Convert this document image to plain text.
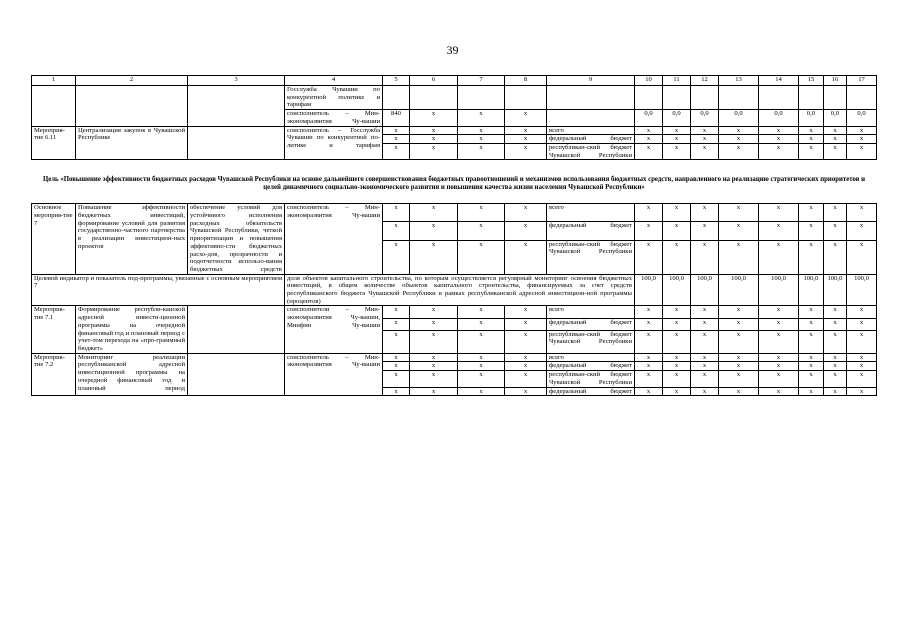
39
1	2	3	4	5	6	7	8	9	10	11	12	13	14	15	16	17
			Госслужба Чувашии по конкурентной политике и тарифам													
			соисполнитель – Мин-экономразвития Чу-вашии	840	x	x	x		0,0	0,0	0,0	0,0	0,0	0,0	0,0	0,0
Мероприя-тие 6.11	Централизация закупок в Чувашской Республике		соисполнитель – Госслужба Чувашии по конкурентной по-литике и тарифам	x	x	x	x	всего	x	x	x	x	x	x	x	x
				x	x	x	x	федеральный бюджет	x	x	x	x	x	x	x	x
				x	x	x	x	республикан-ский бюджет Чувашской Республики	x	x	x	x	x	x	x	x
Цель «Повышение эффективности бюджетных расходов Чувашской Республики на основе дальнейшего совершенствования бюджетных правоотношений и механизмов использования бюджетных средств, направленного на реализацию стратегических приоритетов и целей динамичного социально-экономического развития и повышения качества жизни населения Чувашской Республики»																
Основное мероприя-тие 7	Повышение эффективности бюджетных инвестиций, формирование условий для развития государственно-частного партнерства в реализации инвестицион-ных проектов	обеспечение условий для устойчивого исполнения расходных обязательств Чувашской Республики, четкой приоритизации и повышения эффективно-сти бюджетных расхо-дов, прозрачности и подотчетности использо-вания бюджетных средств	соисполнитель – Мин-экономразвития Чу-вашии	x	x	x	x	всего	x	x	x	x	x	x	x	x
				x	x	x	x	федеральный бюджет	x	x	x	x	x	x	x	x
				x	x	x	x	республикан-ский бюджет Чувашской Республики	x	x	x	x	x	x	x	x
Целевой индикатор и показатель под-программы, увязанные с основным мероприятием 7			доля объектов капитального строительства, по которым осуществляется регулярный мониторинг освоения бюджетных инвестиций, в общем количестве объектов капитального строительства, финансируемых за счет средств республиканского бюджета Чувашской Республики в рамках республиканской адресной инвестицион-ной программы (процентов)						100,0	100,0	100,0	100,0	100,0	100,0	100,0	100,0
Мероприя-тие 7.1	Формирование республи-канской адресной инвести-ционной программы на очередной финансовый год и плановый период с учет-том перехода на «про-граммный бюджет»		соисполнители – Мин-экономразвития Чу-вашии, Минфин Чу-вашии	x	x	x	x	всего	x	x	x	x	x	x	x	x
				x	x	x	x	федеральный бюджет	x	x	x	x	x	x	x	x
				x	x	x	x	республикан-ский бюджет Чувашской Республики	x	x	x	x	x	x	x	x
Мероприя-тие 7.2	Мониторинг реализации республиканской адресной инвестиционной программы на очередной финансовый год и плановый период		соисполнитель – Мин-экономразвития Чу-вашии	x	x	x	x	всего	x	x	x	x	x	x	x	x
				x	x	x	x	федеральный бюджет	x	x	x	x	x	x	x	x
				x	x	x	x	республикан-ский бюджет Чувашской Республики	x	x	x	x	x	x	x	x
				x	x	x	x	федеральный бюджет	x	x	x	x	x	x	x	x
